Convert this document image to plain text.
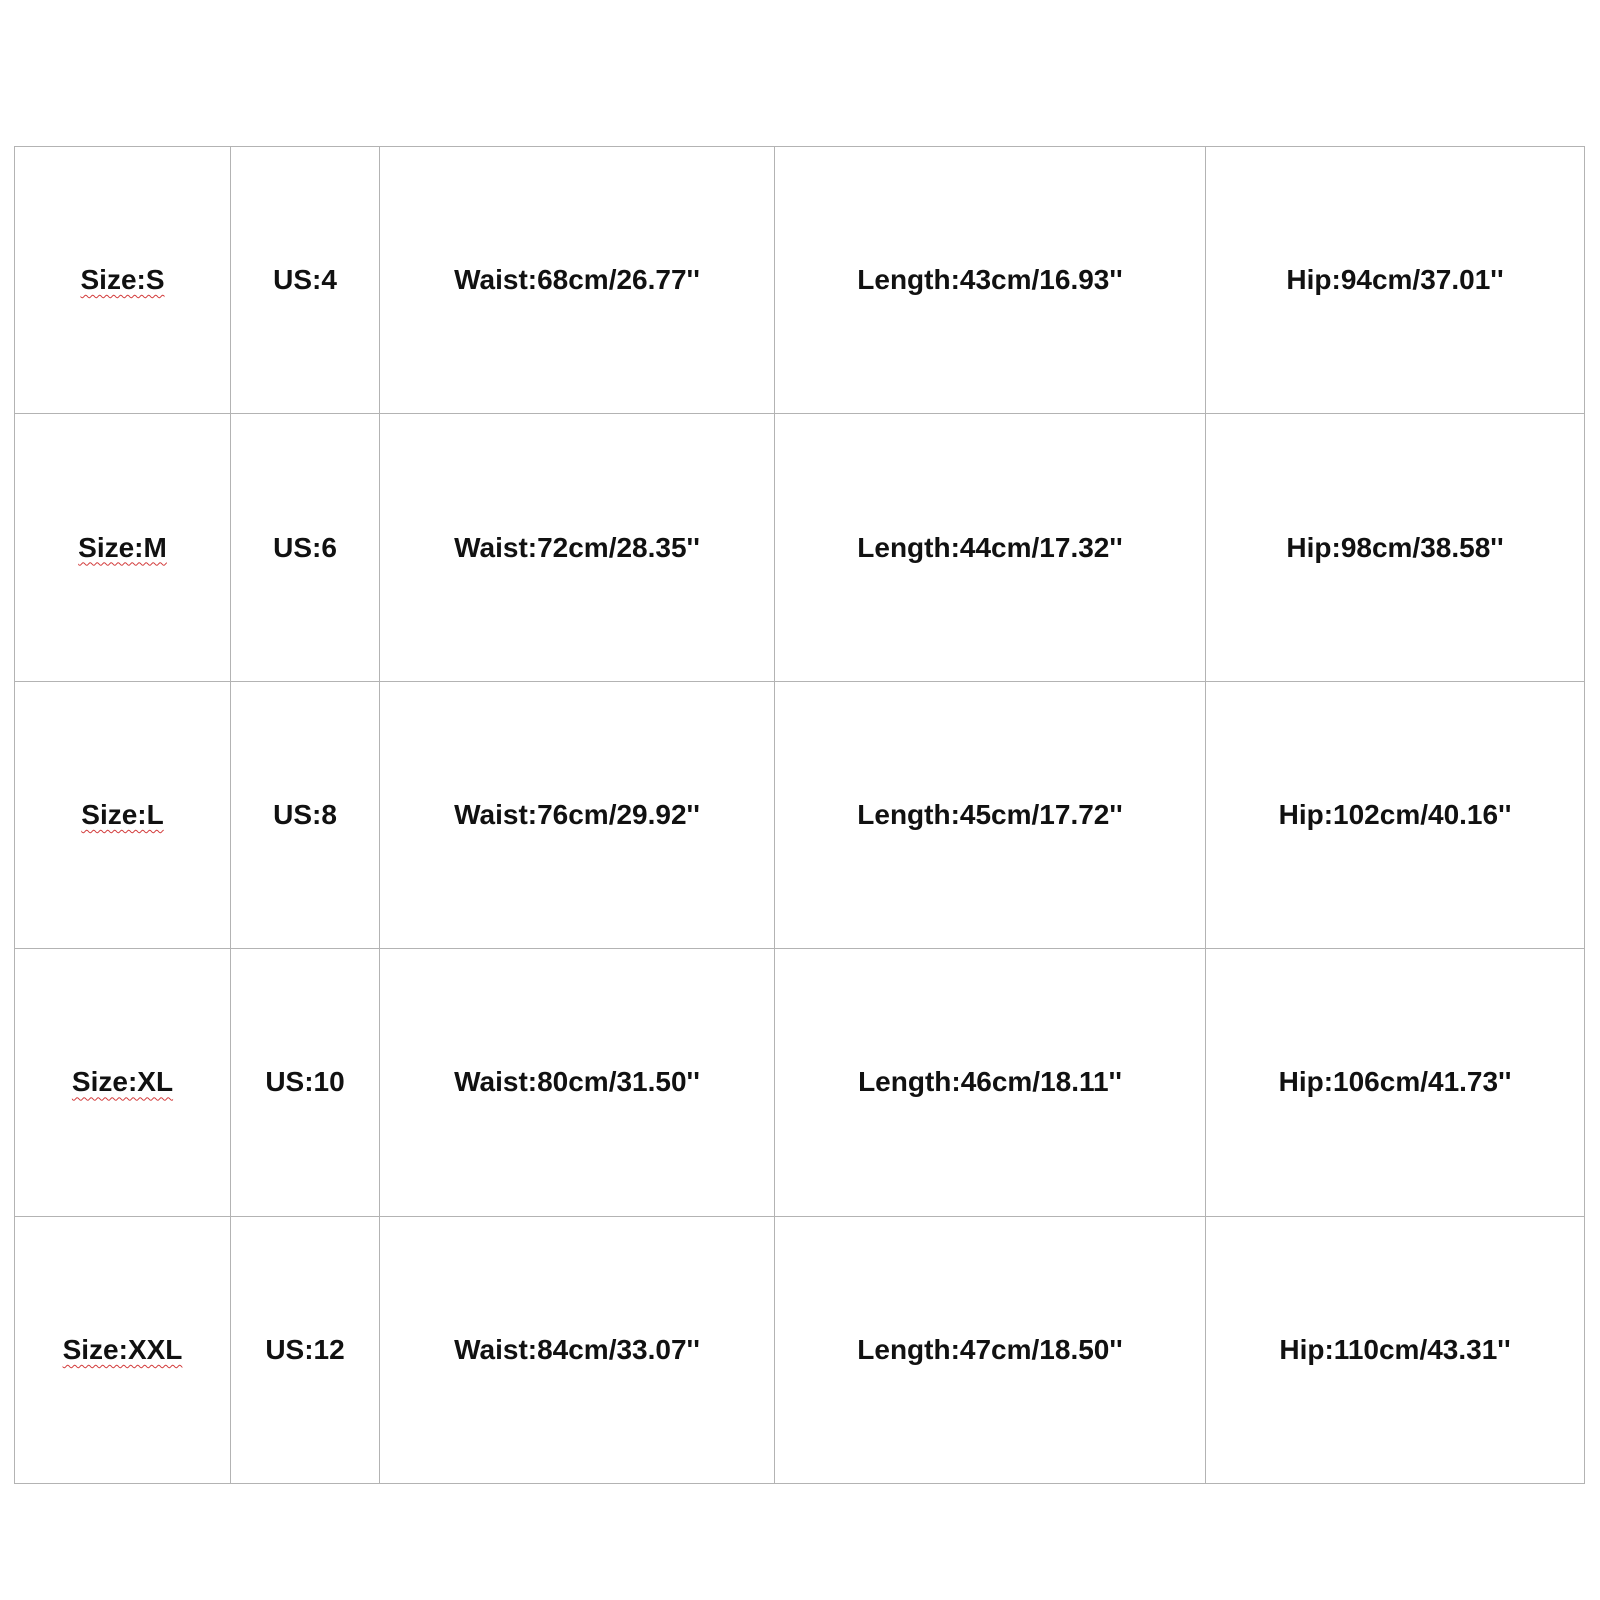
Size:S	US:4	Waist:68cm/26.77''	Length:43cm/16.93''	Hip:94cm/37.01''
Size:M	US:6	Waist:72cm/28.35''	Length:44cm/17.32''	Hip:98cm/38.58''
Size:L	US:8	Waist:76cm/29.92''	Length:45cm/17.72''	Hip:102cm/40.16''
Size:XL	US:10	Waist:80cm/31.50''	Length:46cm/18.11''	Hip:106cm/41.73''
Size:XXL	US:12	Waist:84cm/33.07''	Length:47cm/18.50''	Hip:110cm/43.31''
